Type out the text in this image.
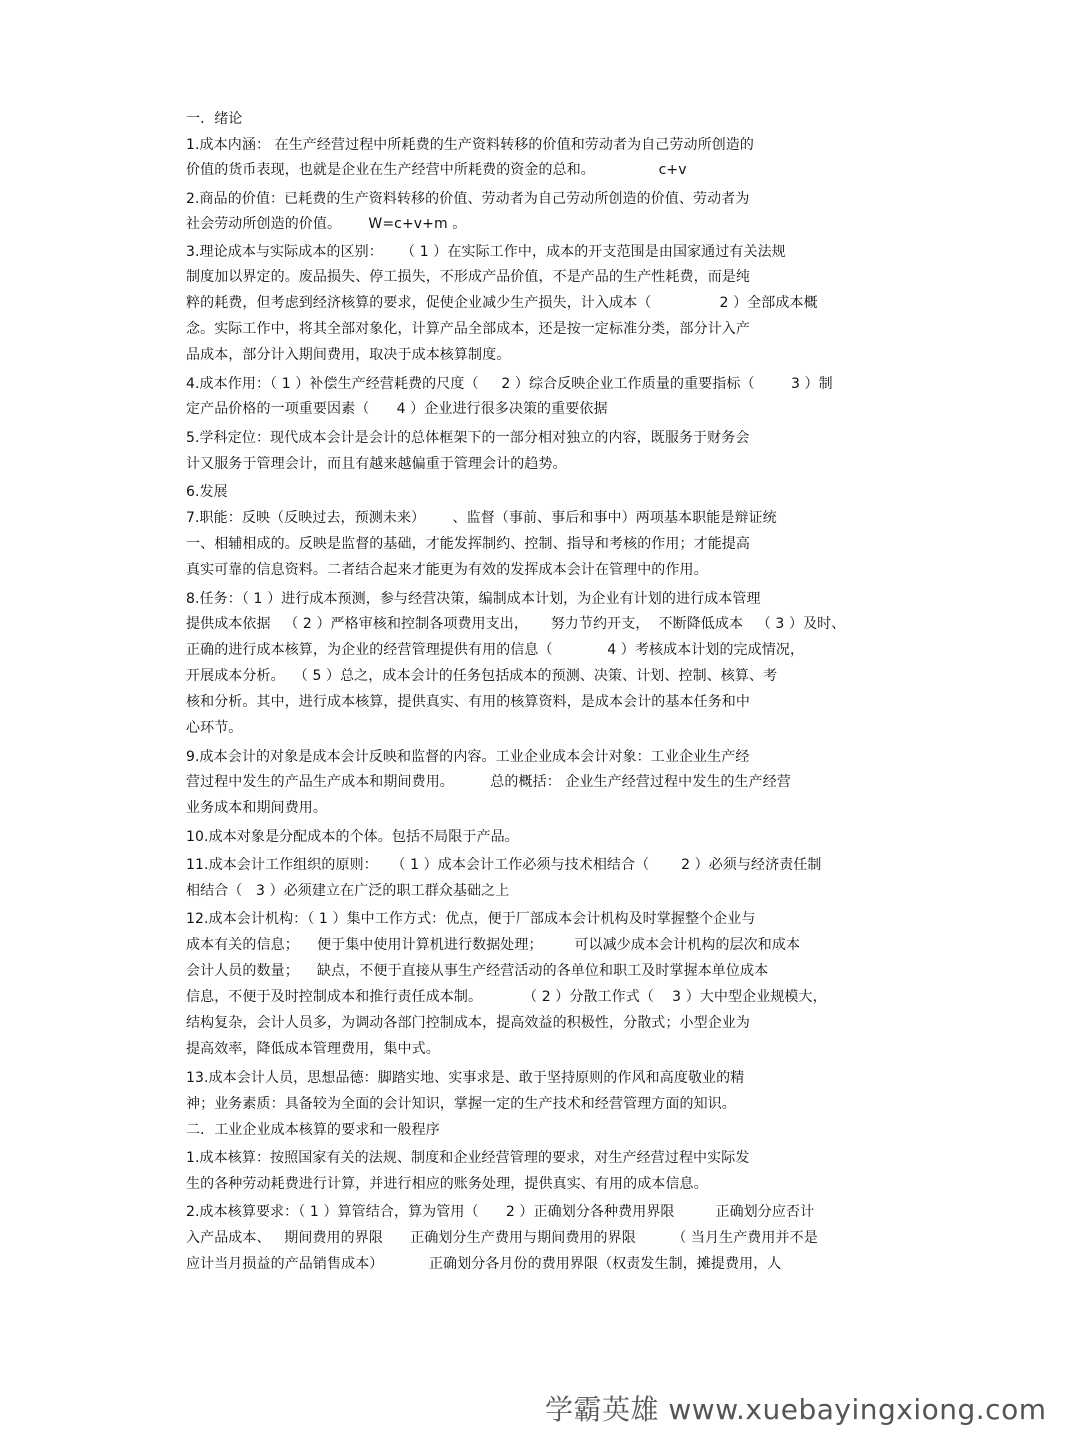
一．绪论
1.成本内涵： 在生产经营过程中所耗费的生产资料转移的价值和劳动者为自己劳动所创造的
价值的货币表现，也就是企业在生产经营中所耗费的资金的总和。              c+v
2.商品的价值：已耗费的生产资料转移的价值、劳动者为自己劳动所创造的价值、劳动者为
社会劳动所创造的价值。      W=c+v+m 。
3.理论成本与实际成本的区别：    （ 1 ）在实际工作中，成本的开支范围是由国家通过有关法规
制度加以界定的。废品损失、停工损失，不形成产品价值，不是产品的生产性耗费，而是纯
粹的耗费，但考虑到经济核算的要求，促使企业减少生产损失，计入成本（               2 ）全部成本概
念。实际工作中，将其全部对象化，计算产品全部成本，还是按一定标准分类，部分计入产
品成本，部分计入期间费用，取决于成本核算制度。
4.成本作用：（ 1 ）补偿生产经营耗费的尺度（     2 ）综合反映企业工作质量的重要指标（        3 ）制
定产品价格的一项重要因素（      4 ）企业进行很多决策的重要依据
5.学科定位：现代成本会计是会计的总体框架下的一部分相对独立的内容，既服务于财务会
计又服务于管理会计，而且有越来越偏重于管理会计的趋势。
6.发展
7.职能：反映（反映过去，预测未来）      、监督（事前、事后和事中）两项基本职能是辩证统
一、相辅相成的。反映是监督的基础，才能发挥制约、控制、指导和考核的作用；才能提高
真实可靠的信息资料。二者结合起来才能更为有效的发挥成本会计在管理中的作用。
8.任务：（ 1 ）进行成本预测，参与经营决策，编制成本计划，为企业有计划的进行成本管理
提供成本依据   （ 2 ）严格审核和控制各项费用支出，     努力节约开支，  不断降低成本   （ 3 ）及时、
正确的进行成本核算，为企业的经营管理提供有用的信息（            4 ）考核成本计划的完成情况，
开展成本分析。  （ 5 ）总之，成本会计的任务包括成本的预测、决策、计划、控制、核算、考
核和分析。其中，进行成本核算，提供真实、有用的核算资料，是成本会计的基本任务和中
心环节。
9.成本会计的对象是成本会计反映和监督的内容。工业企业成本会计对象：工业企业生产经
营过程中发生的产品生产成本和期间费用。        总的概括： 企业生产经营过程中发生的生产经营
业务成本和期间费用。
10.成本对象是分配成本的个体。包括不局限于产品。
11.成本会计工作组织的原则：   （ 1 ）成本会计工作必须与技术相结合（       2 ）必须与经济责任制
相结合（   3 ）必须建立在广泛的职工群众基础之上
12.成本会计机构：（ 1 ）集中工作方式：优点，便于厂部成本会计机构及时掌握整个企业与
成本有关的信息；    便于集中使用计算机进行数据处理；       可以减少成本会计机构的层次和成本
会计人员的数量；    缺点，不便于直接从事生产经营活动的各单位和职工及时掌握本单位成本
信息，不便于及时控制成本和推行责任成本制。         （ 2 ）分散工作式（    3 ）大中型企业规模大，
结构复杂，会计人员多，为调动各部门控制成本，提高效益的积极性，分散式；小型企业为
提高效率，降低成本管理费用，集中式。
13.成本会计人员，思想品德：脚踏实地、实事求是、敢于坚持原则的作风和高度敬业的精
神；业务素质：具备较为全面的会计知识，掌握一定的生产技术和经营管理方面的知识。
二．工业企业成本核算的要求和一般程序
1.成本核算：按照国家有关的法规、制度和企业经营管理的要求，对生产经营过程中实际发
生的各种劳动耗费进行计算，并进行相应的账务处理，提供真实、有用的成本信息。
2.成本核算要求：（ 1 ）算管结合，算为管用（      2 ）正确划分各种费用界限         正确划分应否计
入产品成本、   期间费用的界限      正确划分生产费用与期间费用的界限        （ 当月生产费用并不是
应计当月损益的产品销售成本）          正确划分各月份的费用界限（权责发生制，摊提费用，人
学霸英雄 www.xuebayingxiong.com
